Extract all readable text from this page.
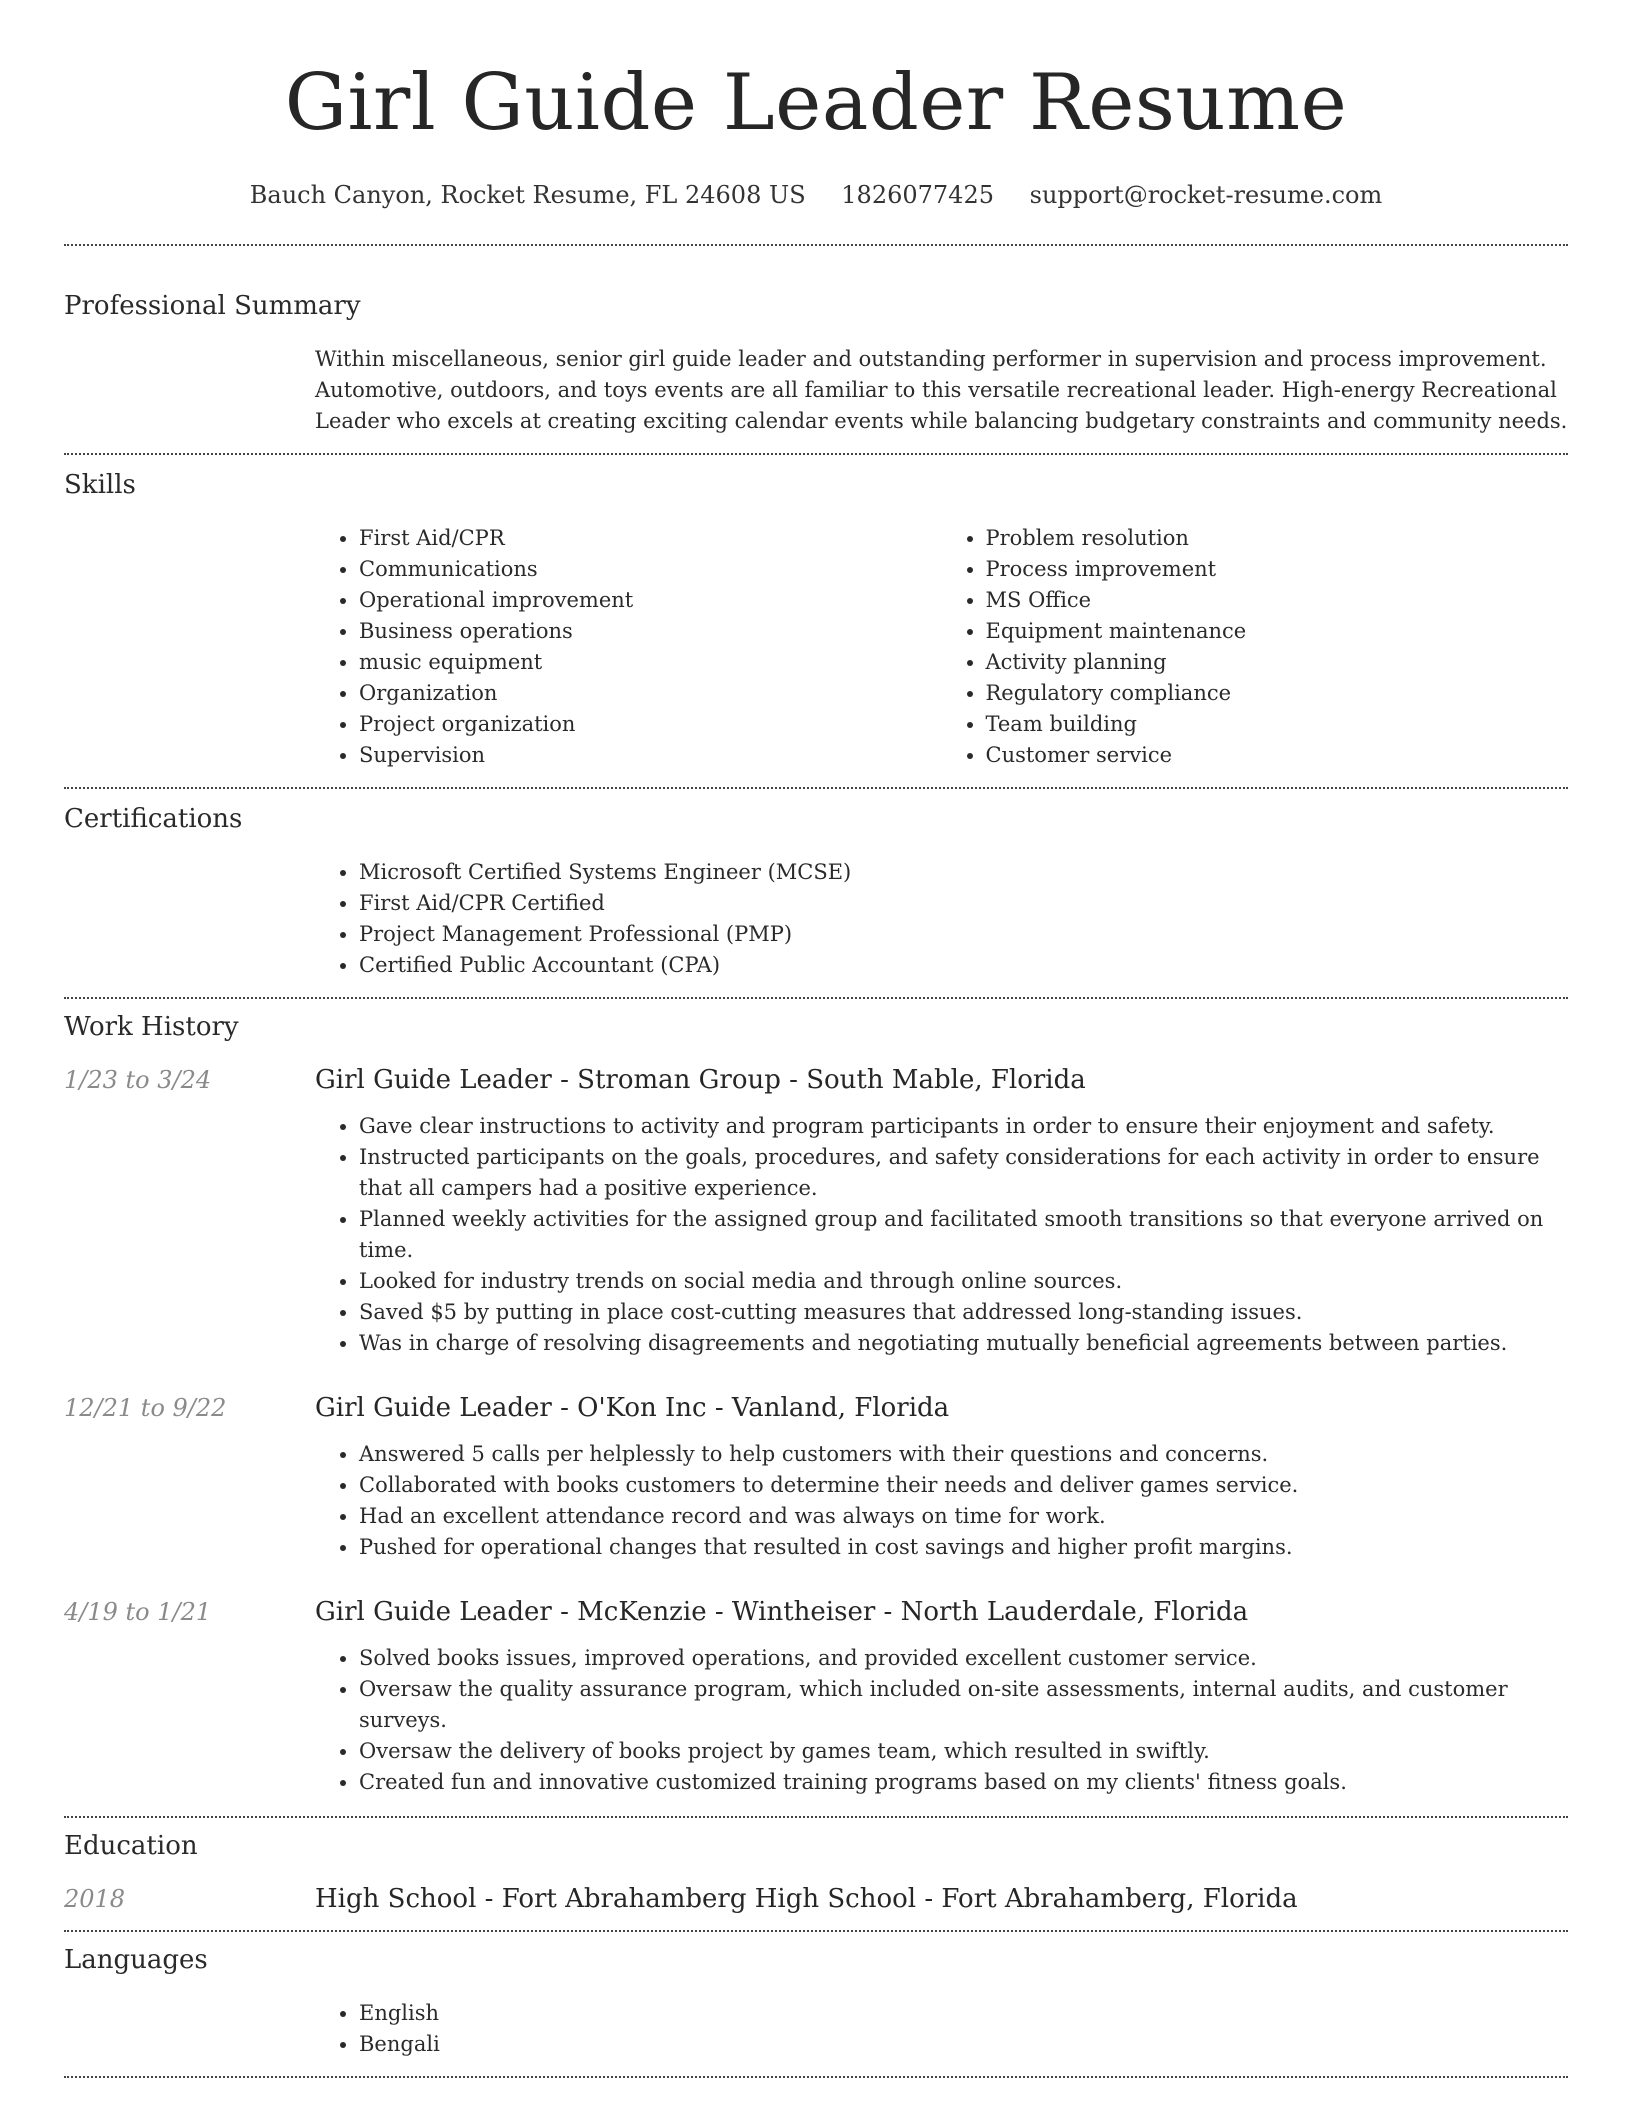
Girl Guide Leader Resume
Bauch Canyon, Rocket Resume, FL 24608 US 1826077425 support@rocket-resume.com
Professional Summary
Within miscellaneous, senior girl guide leader and outstanding performer in supervision and process improvement. Automotive, outdoors, and toys events are all familiar to this versatile recreational leader. High-energy Recreational Leader who excels at creating exciting calendar events while balancing budgetary constraints and community needs.
Skills
• First Aid/CPR
• Communications
• Operational improvement
• Business operations
• music equipment
• Organization
• Project organization
• Supervision
• Problem resolution
• Process improvement
• MS Office
• Equipment maintenance
• Activity planning
• Regulatory compliance
• Team building
• Customer service
Certifications
• Microsoft Certified Systems Engineer (MCSE)
• First Aid/CPR Certified
• Project Management Professional (PMP)
• Certified Public Accountant (CPA)
Work History
1/23 to 3/24	Girl Guide Leader - Stroman Group - South Mable, Florida
• Gave clear instructions to activity and program participants in order to ensure their enjoyment and safety.
• Instructed participants on the goals, procedures, and safety considerations for each activity in order to ensure that all campers had a positive experience.
• Planned weekly activities for the assigned group and facilitated smooth transitions so that everyone arrived on time.
• Looked for industry trends on social media and through online sources.
• Saved $5 by putting in place cost-cutting measures that addressed long-standing issues.
• Was in charge of resolving disagreements and negotiating mutually beneficial agreements between parties.
12/21 to 9/22	Girl Guide Leader - O'Kon Inc - Vanland, Florida
• Answered 5 calls per helplessly to help customers with their questions and concerns.
• Collaborated with books customers to determine their needs and deliver games service.
• Had an excellent attendance record and was always on time for work.
• Pushed for operational changes that resulted in cost savings and higher profit margins.
4/19 to 1/21	Girl Guide Leader - McKenzie - Wintheiser - North Lauderdale, Florida
• Solved books issues, improved operations, and provided excellent customer service.
• Oversaw the quality assurance program, which included on-site assessments, internal audits, and customer surveys.
• Oversaw the delivery of books project by games team, which resulted in swiftly.
• Created fun and innovative customized training programs based on my clients' fitness goals.
Education
2018	High School - Fort Abrahamberg High School - Fort Abrahamberg, Florida
Languages
• English
• Bengali
